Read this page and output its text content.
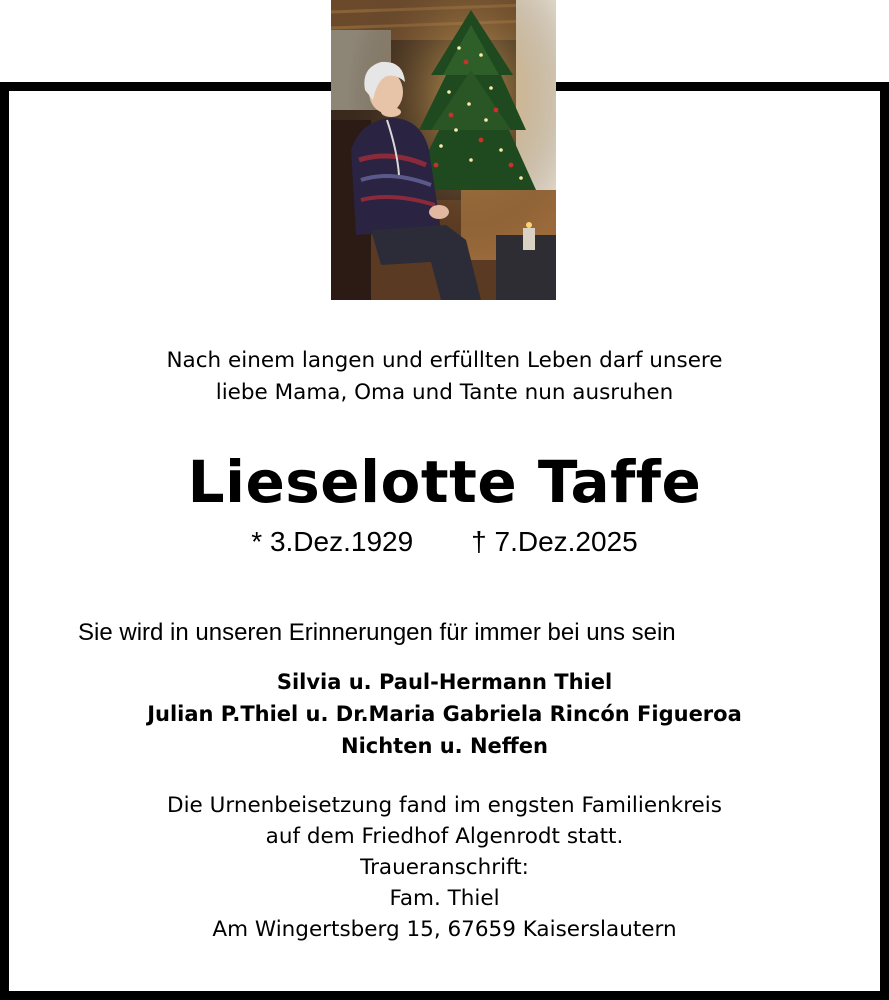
Nach einem langen und erfüllten Leben darf unsere
liebe Mama, Oma und Tante nun ausruhen
Lieselotte Taffe
* 3.Dez.1929 † 7.Dez.2025
Sie wird in unseren Erinnerungen für immer bei uns sein
Silvia u. Paul-Hermann Thiel
Julian P.Thiel u. Dr.Maria Gabriela Rincón Figueroa
Nichten u. Neffen
Die Urnenbeisetzung fand im engsten Familienkreis
auf dem Friedhof Algenrodt statt.
Traueranschrift:
Fam. Thiel
Am Wingertsberg 15, 67659 Kaiserslautern
